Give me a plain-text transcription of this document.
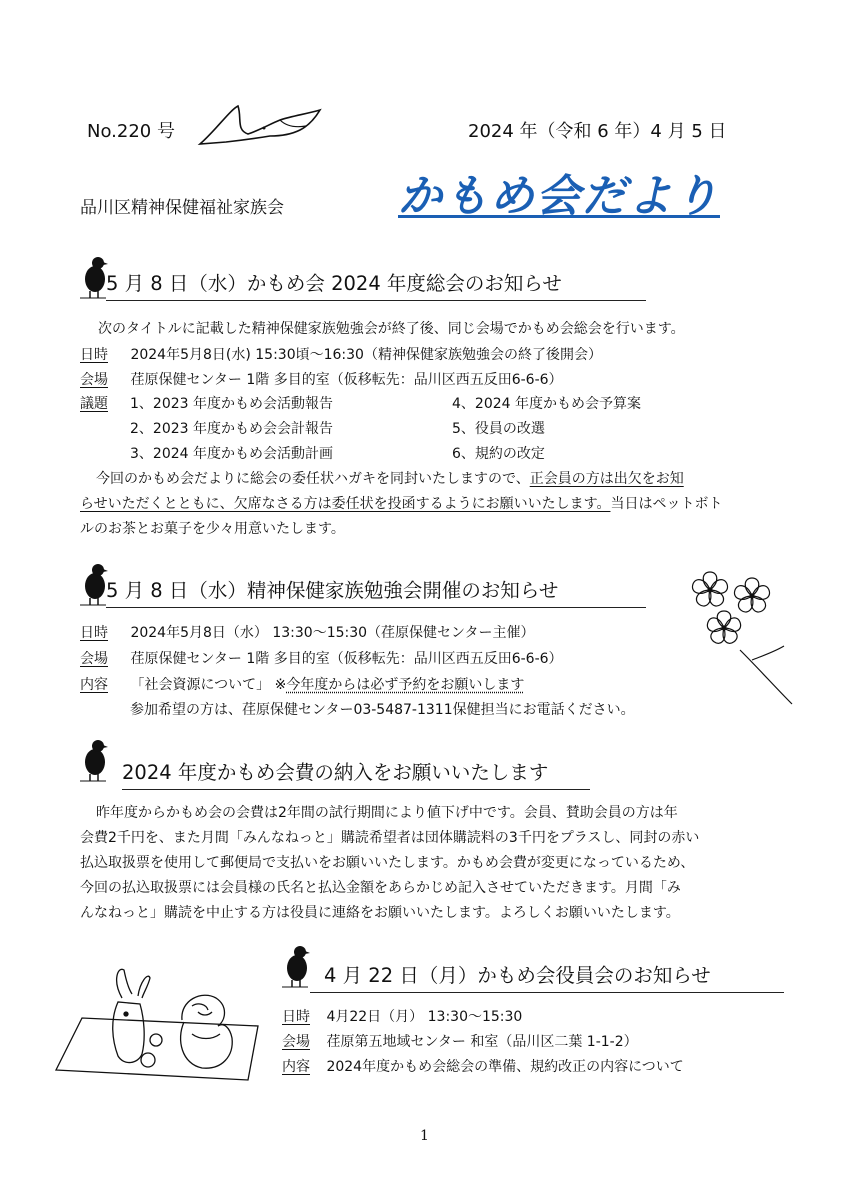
No.220 号	2024 年（令和 6 年）4 月 5 日
品川区精神保健福祉家族会	かもめ会だより
5 月 8 日（水）かもめ会 2024 年度総会のお知らせ
次のタイトルに記載した精神保健家族勉強会が終了後、同じ会場でかもめ会総会を行います。
日時 2024年5月8日(水) 15:30頃～16:30（精神保健家族勉強会の終了後開会）
会場 荏原保健センター 1階 多目的室（仮移転先：品川区西五反田6-6-6）
議題 1、2023 年度かもめ会活動報告	4、2024 年度かもめ会予算案
2、2023 年度かもめ会会計報告	5、役員の改選
3、2024 年度かもめ会活動計画	6、規約の改定
今回のかもめ会だよりに総会の委任状ハガキを同封いたしますので、正会員の方は出欠をお知
らせいただくとともに、欠席なさる方は委任状を投函するようにお願いいたします。当日はペットボト
ルのお茶とお菓子を少々用意いたします。
5 月 8 日（水）精神保健家族勉強会開催のお知らせ
日時 2024年5月8日（水） 13:30～15:30（荏原保健センター主催）
会場 荏原保健センター 1階 多目的室（仮移転先：品川区西五反田6-6-6）
内容 「社会資源について」 ※今年度からは必ず予約をお願いします
参加希望の方は、荏原保健センター03-5487-1311保健担当にお電話ください。
2024 年度かもめ会費の納入をお願いいたします
昨年度からかもめ会の会費は2年間の試行期間により値下げ中です。会員、賛助会員の方は年
会費2千円を、また月間「みんなねっと」購読希望者は団体購読料の3千円をプラスし、同封の赤い
払込取扱票を使用して郵便局で支払いをお願いいたします。かもめ会費が変更になっているため、
今回の払込取扱票には会員様の氏名と払込金額をあらかじめ記入させていただきます。月間「み
んなねっと」購読を中止する方は役員に連絡をお願いいたします。よろしくお願いいたします。
4 月 22 日（月）かもめ会役員会のお知らせ
日時 4月22日（月） 13:30～15:30
会場 荏原第五地域センター 和室（品川区二葉 1-1-2）
内容 2024年度かもめ会総会の準備、規約改正の内容について
1
